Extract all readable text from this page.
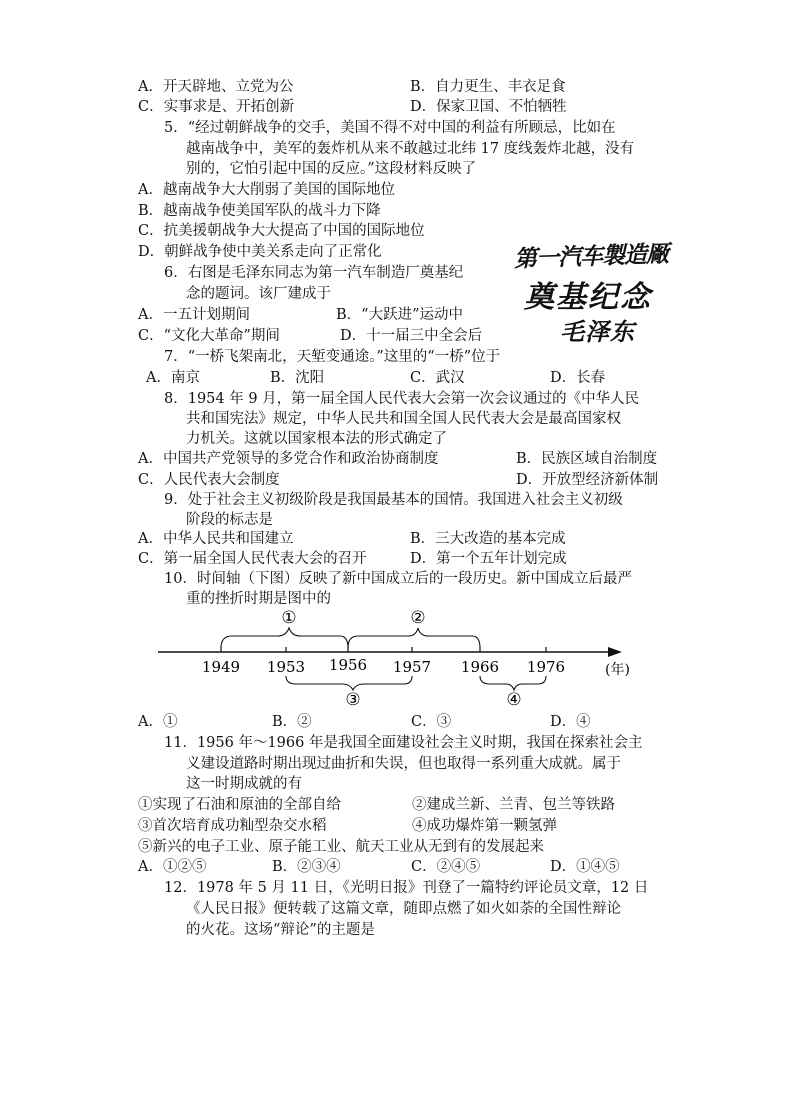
A．开天辟地、立党为公	B．自力更生、丰衣足食
C．实事求是、开拓创新	D．保家卫国、不怕牺牲
5．“经过朝鲜战争的交手，美国不得不对中国的利益有所顾忌，比如在
越南战争中，美军的轰炸机从来不敢越过北纬 17 度线轰炸北越，没有
别的，它怕引起中国的反应。”这段材料反映了
A．越南战争大大削弱了美国的国际地位
B．越南战争使美国军队的战斗力下降
C．抗美援朝战争大大提高了中国的国际地位
D．朝鲜战争使中美关系走向了正常化
6．右图是毛泽东同志为第一汽车制造厂奠基纪
念的题词。该厂建成于
A．一五计划期间	B．“大跃进”运动中
C．“文化大革命”期间	D．十一届三中全会后
第一汽车製造厰
奠基纪念
毛泽东
7．“一桥飞架南北，天堑变通途。”这里的“一桥”位于
A．南京	B．沈阳	C．武汉	D．长春
8．1954 年 9 月，第一届全国人民代表大会第一次会议通过的《中华人民
共和国宪法》规定，中华人民共和国全国人民代表大会是最高国家权
力机关。这就以国家根本法的形式确定了
A．中国共产党领导的多党合作和政治协商制度	B．民族区域自治制度
C．人民代表大会制度	D．开放型经济新体制
9．处于社会主义初级阶段是我国最基本的国情。我国进入社会主义初级
阶段的标志是
A．中华人民共和国建立	B．三大改造的基本完成
C．第一届全国人民代表大会的召开	D．第一个五年计划完成
10．时间轴（下图）反映了新中国成立后的一段历史。新中国成立后最严
重的挫折时期是图中的
1949 1953 1956 1957 1966 1976	(年)
①	②
③	④
A．①	B．②	C．③	D．④
11．1956 年～1966 年是我国全面建设社会主义时期，我国在探索社会主
义建设道路时期出现过曲折和失误，但也取得一系列重大成就。属于
这一时期成就的有
①实现了石油和原油的全部自给	②建成兰新、兰青、包兰等铁路
③首次培育成功籼型杂交水稻	④成功爆炸第一颗氢弹
⑤新兴的电子工业、原子能工业、航天工业从无到有的发展起来
A．①②⑤	B．②③④	C．②④⑤	D．①④⑤
12．1978 年 5 月 11 日，《光明日报》刊登了一篇特约评论员文章，12 日
《人民日报》便转载了这篇文章，随即点燃了如火如荼的全国性辩论
的火花。这场“辩论”的主题是
